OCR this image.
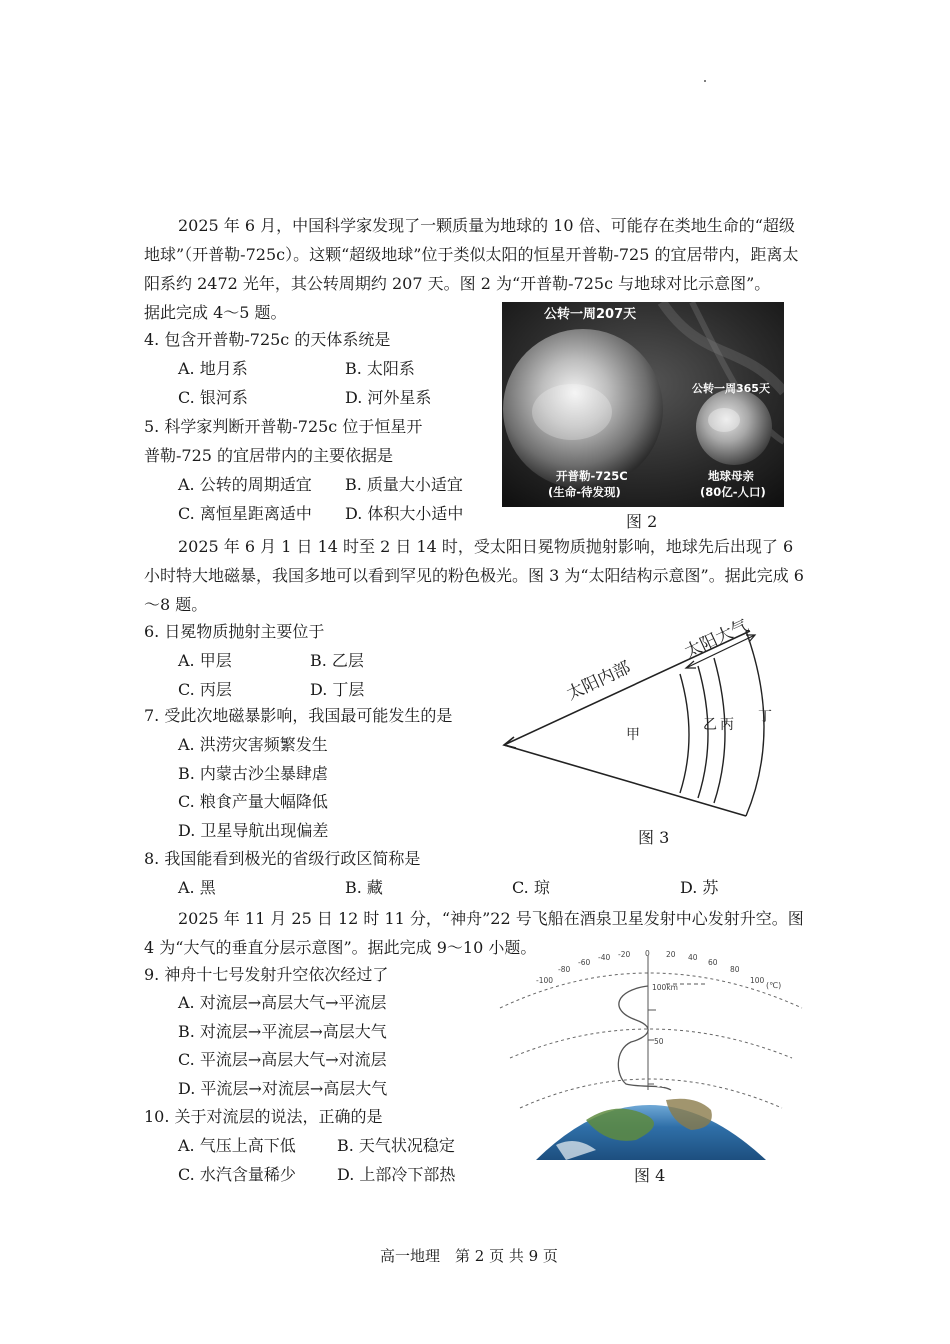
2025 年 6 月，中国科学家发现了一颗质量为地球的 10 倍、可能存在类地生命的“超级地球”（开普勒-725c）。这颗“超级地球”位于类似太阳的恒星开普勒-725 的宜居带内，距离太阳系约 2472 光年，其公转周期约 207 天。图 2 为“开普勒-725c 与地球对比示意图”。
据此完成 4～5 题。
4. 包含开普勒-725c 的天体系统是
A. 地月系	B. 太阳系
C. 银河系	D. 河外星系
5. 科学家判断开普勒-725c 位于恒星开
普勒-725 的宜居带内的主要依据是
A. 公转的周期适宜 B. 质量大小适宜
C. 离恒星距离适中 D. 体积大小适中
公转一周207天
公转一周365天
开普勒-725C
(生命-待发现)
地球母亲
(80亿-人口)
图 2
2025 年 6 月 1 日 14 时至 2 日 14 时，受太阳日冕物质抛射影响，地球先后出现了 6 小时特大地磁暴，我国多地可以看到罕见的粉色极光。图 3 为“太阳结构示意图”。据此完成 6～8 题。
6. 日冕物质抛射主要位于
A. 甲层	B. 乙层
C. 丙层	D. 丁层
7. 受此次地磁暴影响，我国最可能发生的是
A. 洪涝灾害频繁发生
B. 内蒙古沙尘暴肆虐
C. 粮食产量大幅降低
D. 卫星导航出现偏差
太阳内部
太阳大气
甲
乙 丙 丁
图 3
8. 我国能看到极光的省级行政区简称是
A. 黑	B. 藏	C. 琼	D. 苏
2025 年 11 月 25 日 12 时 11 分，“神舟”22 号飞船在酒泉卫星发射中心发射升空。图 4 为“大气的垂直分层示意图”。据此完成 9～10 小题。
9. 神舟十七号发射升空依次经过了
A. 对流层→高层大气→平流层
B. 对流层→平流层→高层大气
C. 平流层→高层大气→对流层
D. 平流层→对流层→高层大气
10. 关于对流层的说法，正确的是
A. 气压上高下低	B. 天气状况稳定
C. 水汽含量稀少	D. 上部冷下部热
-100
-80
-60
-40 -20 0 20 40
60
80
100
(℃)
100km
50
10
图 4
高一地理　第 2 页 共 9 页
